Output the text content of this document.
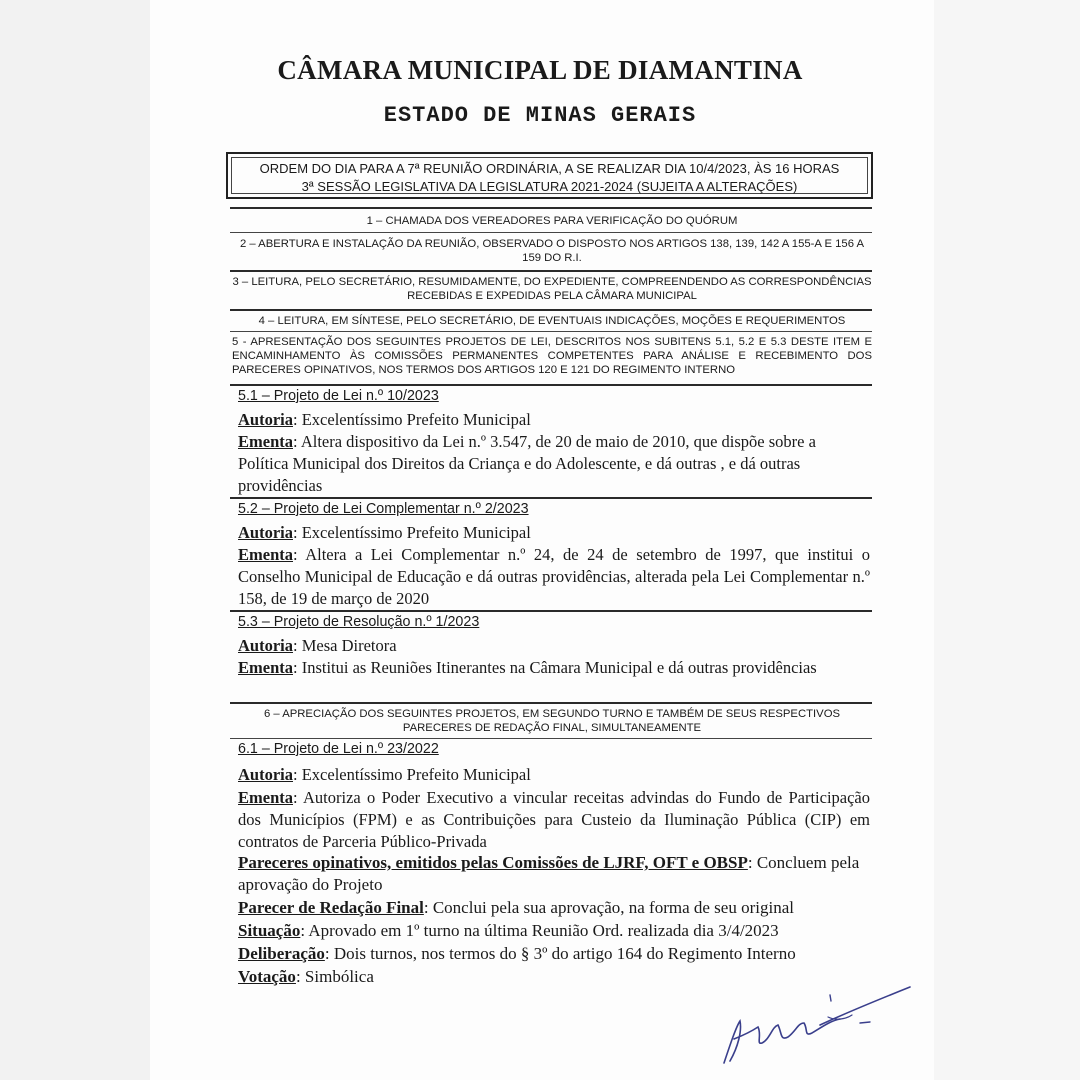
CÂMARA MUNICIPAL DE DIAMANTINA
ESTADO DE MINAS GERAIS
ORDEM DO DIA PARA A 7ª REUNIÃO ORDINÁRIA, A SE REALIZAR DIA 10/4/2023, ÀS 16 HORAS
3ª SESSÃO LEGISLATIVA DA LEGISLATURA 2021-2024 (SUJEITA A ALTERAÇÕES)
1 – CHAMADA DOS VEREADORES PARA VERIFICAÇÃO DO QUÓRUM
2 – ABERTURA E INSTALAÇÃO DA REUNIÃO, OBSERVADO O DISPOSTO NOS ARTIGOS 138, 139, 142 A 155-A E 156 A 159 DO R.I.
3 – LEITURA, PELO SECRETÁRIO, RESUMIDAMENTE, DO EXPEDIENTE, COMPREENDENDO AS CORRESPONDÊNCIAS RECEBIDAS E EXPEDIDAS PELA CÂMARA MUNICIPAL
4 – LEITURA, EM SÍNTESE, PELO SECRETÁRIO, DE EVENTUAIS INDICAÇÕES, MOÇÕES E REQUERIMENTOS
5 - APRESENTAÇÃO DOS SEGUINTES PROJETOS DE LEI, DESCRITOS NOS SUBITENS 5.1, 5.2 E 5.3 DESTE ITEM E ENCAMINHAMENTO ÀS COMISSÕES PERMANENTES COMPETENTES PARA ANÁLISE E RECEBIMENTO DOS PARECERES OPINATIVOS, NOS TERMOS DOS ARTIGOS 120 E 121 DO REGIMENTO INTERNO
5.1 – Projeto de Lei n.º 10/2023
Autoria: Excelentíssimo Prefeito Municipal
Ementa: Altera dispositivo da Lei n.º 3.547, de 20 de maio de 2010, que dispõe sobre a Política Municipal dos Direitos da Criança e do Adolescente, e dá outras , e dá outras providências
5.2 – Projeto de Lei Complementar n.º 2/2023
Autoria: Excelentíssimo Prefeito Municipal
Ementa: Altera a Lei Complementar n.º 24, de 24 de setembro de 1997, que institui o Conselho Municipal de Educação e dá outras providências, alterada pela Lei Complementar n.º 158, de 19 de março de 2020
5.3 – Projeto de Resolução n.º 1/2023
Autoria: Mesa Diretora
Ementa: Institui as Reuniões Itinerantes na Câmara Municipal e dá outras providências
6 – APRECIAÇÃO DOS SEGUINTES PROJETOS, EM SEGUNDO TURNO E TAMBÉM DE SEUS RESPECTIVOS PARECERES DE REDAÇÃO FINAL, SIMULTANEAMENTE
6.1 – Projeto de Lei n.º 23/2022
Autoria: Excelentíssimo Prefeito Municipal
Ementa: Autoriza o Poder Executivo a vincular receitas advindas do Fundo de Participação dos Municípios (FPM) e as Contribuições para Custeio da Iluminação Pública (CIP) em contratos de Parceria Público-Privada
Pareceres opinativos, emitidos pelas Comissões de LJRF, OFT e OBSP: Concluem pela aprovação do Projeto
Parecer de Redação Final: Conclui pela sua aprovação, na forma de seu original
Situação: Aprovado em 1º turno na última Reunião Ord. realizada dia 3/4/2023
Deliberação: Dois turnos, nos termos do § 3º do artigo 164 do Regimento Interno
Votação: Simbólica
